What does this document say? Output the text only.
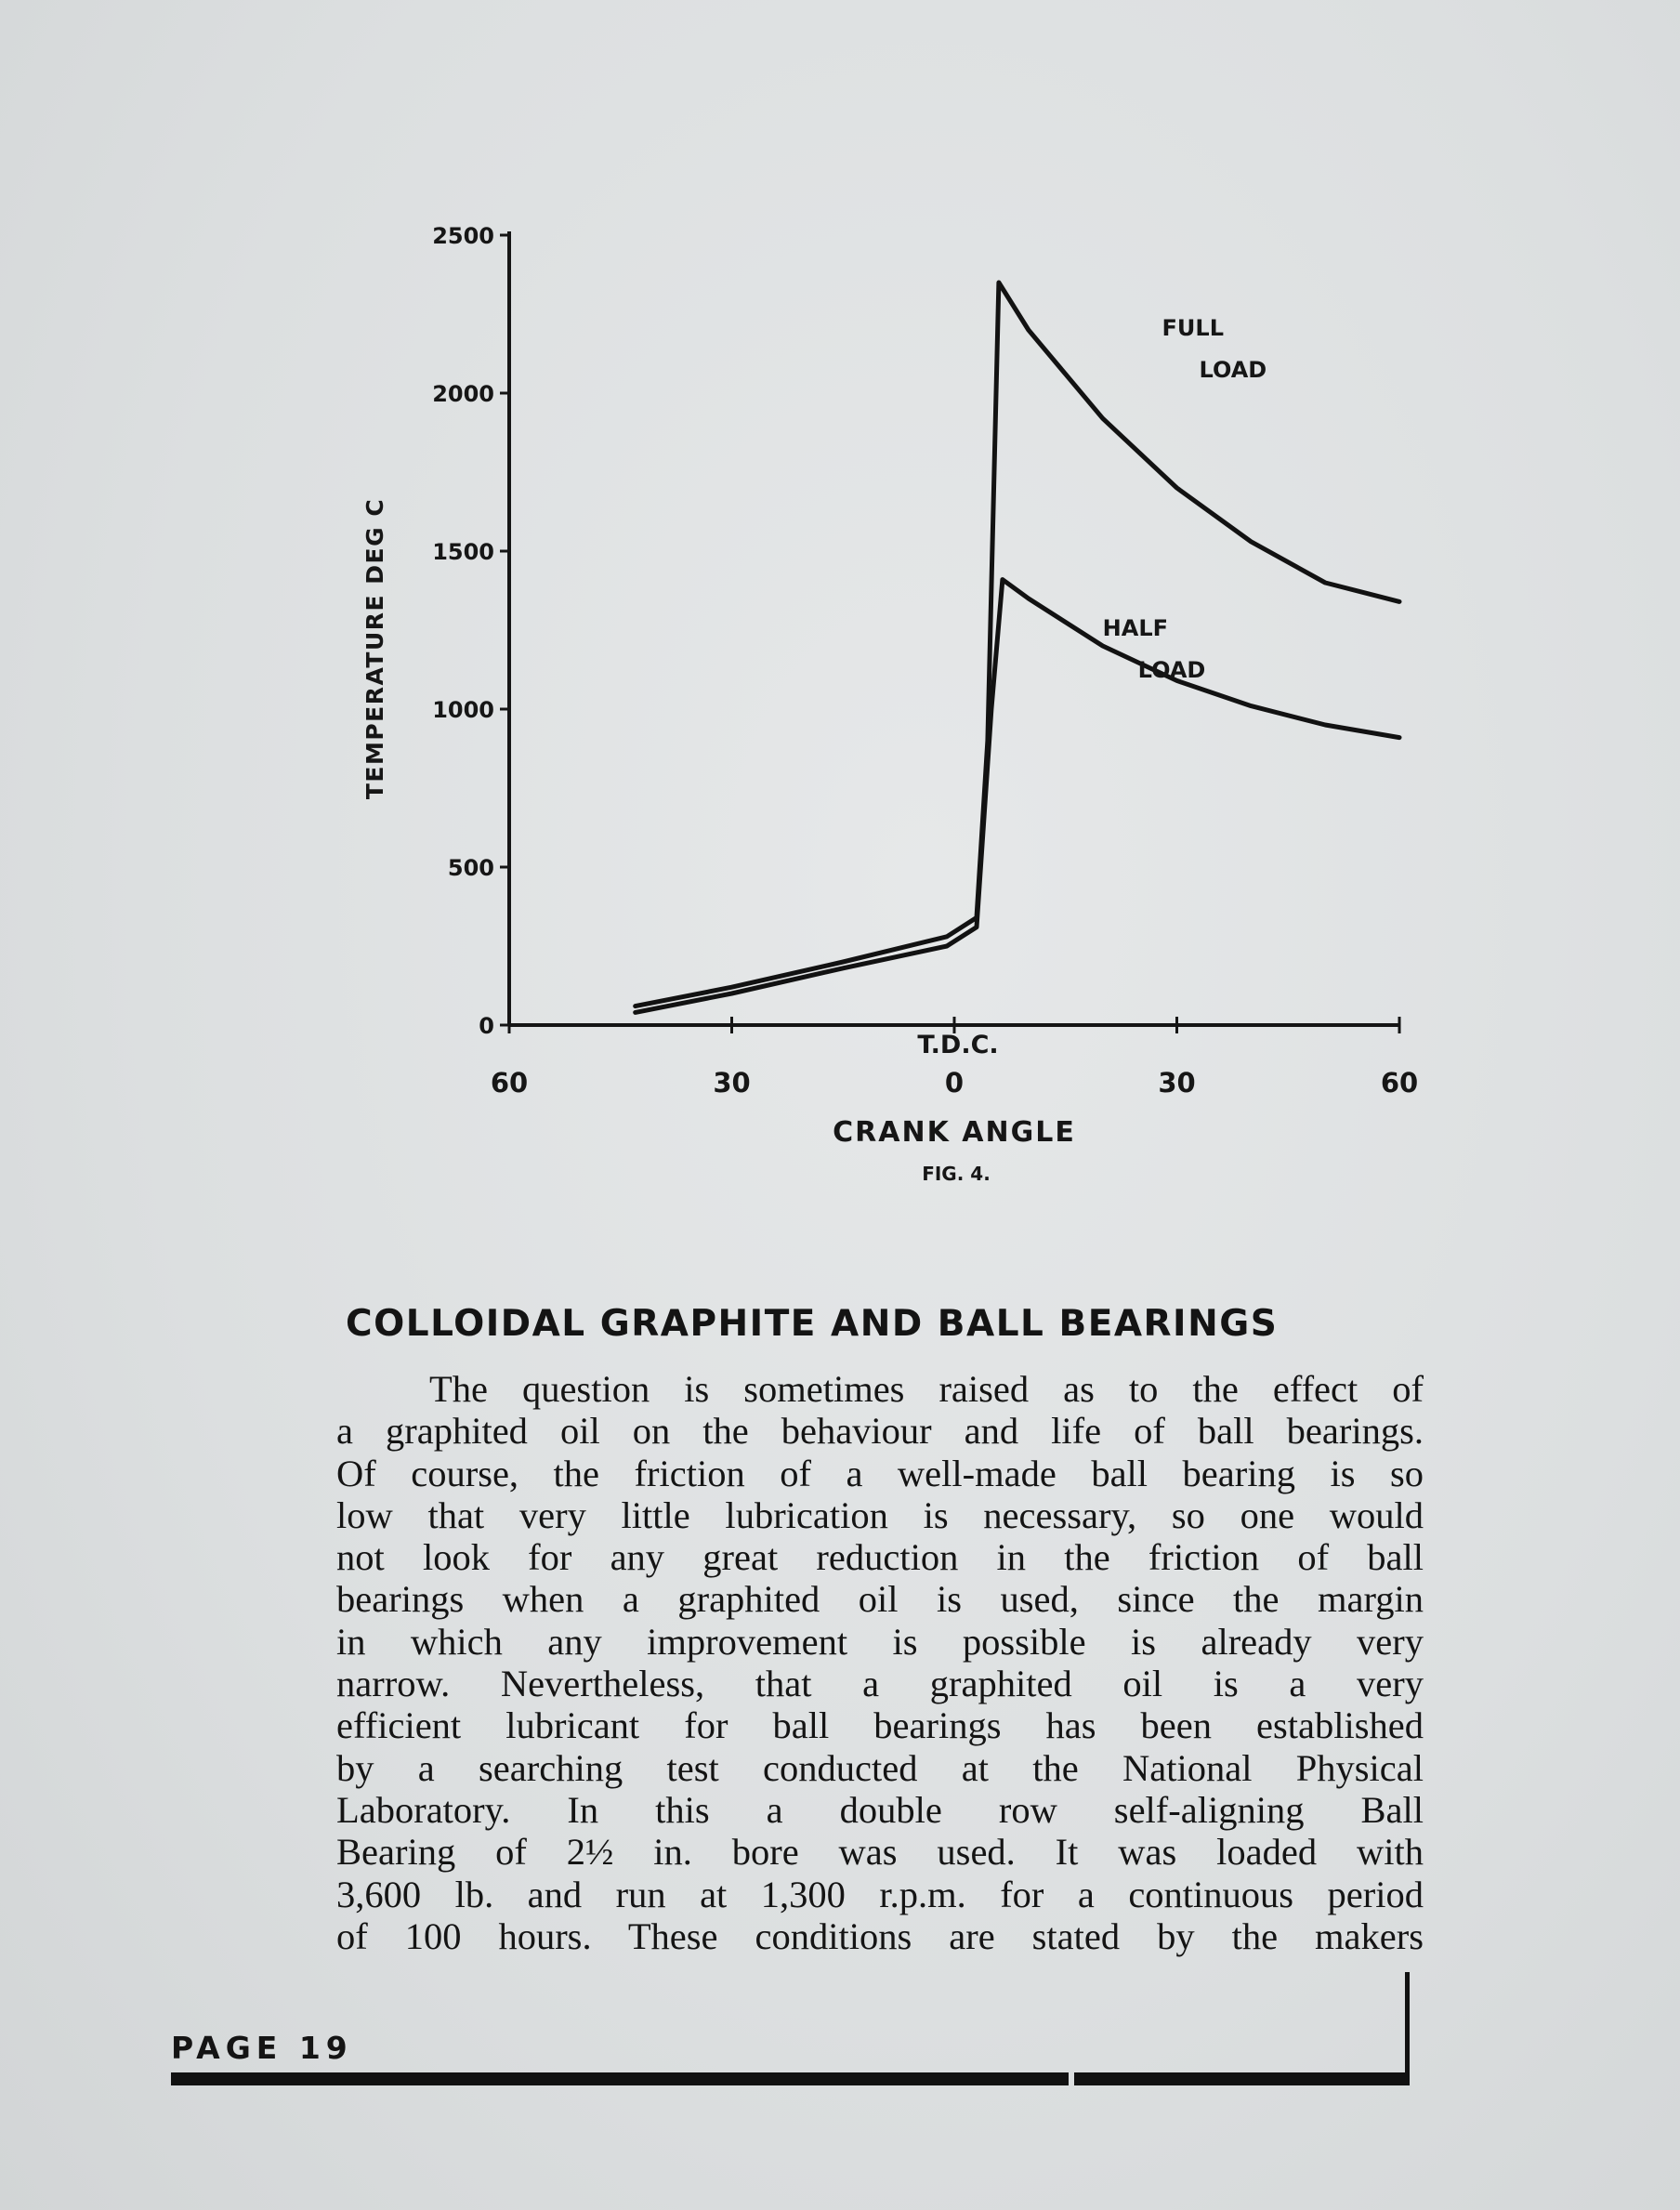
2500
2000
1500
1000
500
0
60	30	0	30	60
T.D.C.
CRANK ANGLE
TEMPERATURE DEG C
FIG. 4.
FULL
LOAD
HALF
LOAD
COLLOIDAL GRAPHITE AND BALL BEARINGS
The question is sometimes raised as to the effect of
a graphited oil on the behaviour and life of ball bearings.
Of course, the friction of a well-made ball bearing is so
low that very little lubrication is necessary, so one would
not look for any great reduction in the friction of ball
bearings when a graphited oil is used, since the margin
in which any improvement is possible is already very
narrow. Nevertheless, that a graphited oil is a very
efficient lubricant for ball bearings has been established
by a searching test conducted at the National Physical
Laboratory. In this a double row self-aligning Ball
Bearing of 2½ in. bore was used. It was loaded with
3,600 lb. and run at 1,300 r.p.m. for a continuous period
of 100 hours. These conditions are stated by the makers
PAGE 19
